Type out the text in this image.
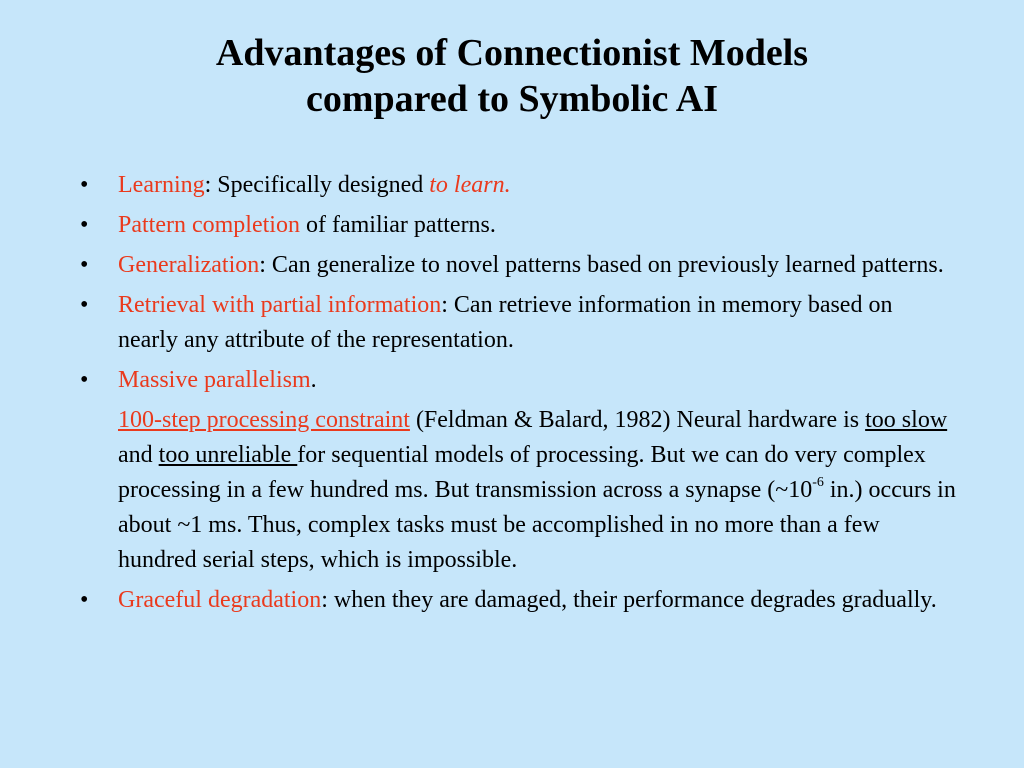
Advantages of Connectionist Models
compared to Symbolic AI
• Learning: Specifically designed to learn.
• Pattern completion of familiar patterns.
• Generalization: Can generalize to novel patterns based on previously learned patterns.
• Retrieval with partial information: Can retrieve information in memory based on nearly any attribute of the representation.
• Massive parallelism.
100-step processing constraint (Feldman & Balard, 1982) Neural hardware is too slow and too unreliable for sequential models of processing. But we can do very complex processing in a few hundred ms. But transmission across a synapse ($\sim 10^{-6}$ in.) occurs in about ~1 ms. Thus, complex tasks must be accomplished in no more than a few hundred serial steps, which is impossible.
• Graceful degradation: when they are damaged, their performance degrades gradually.
